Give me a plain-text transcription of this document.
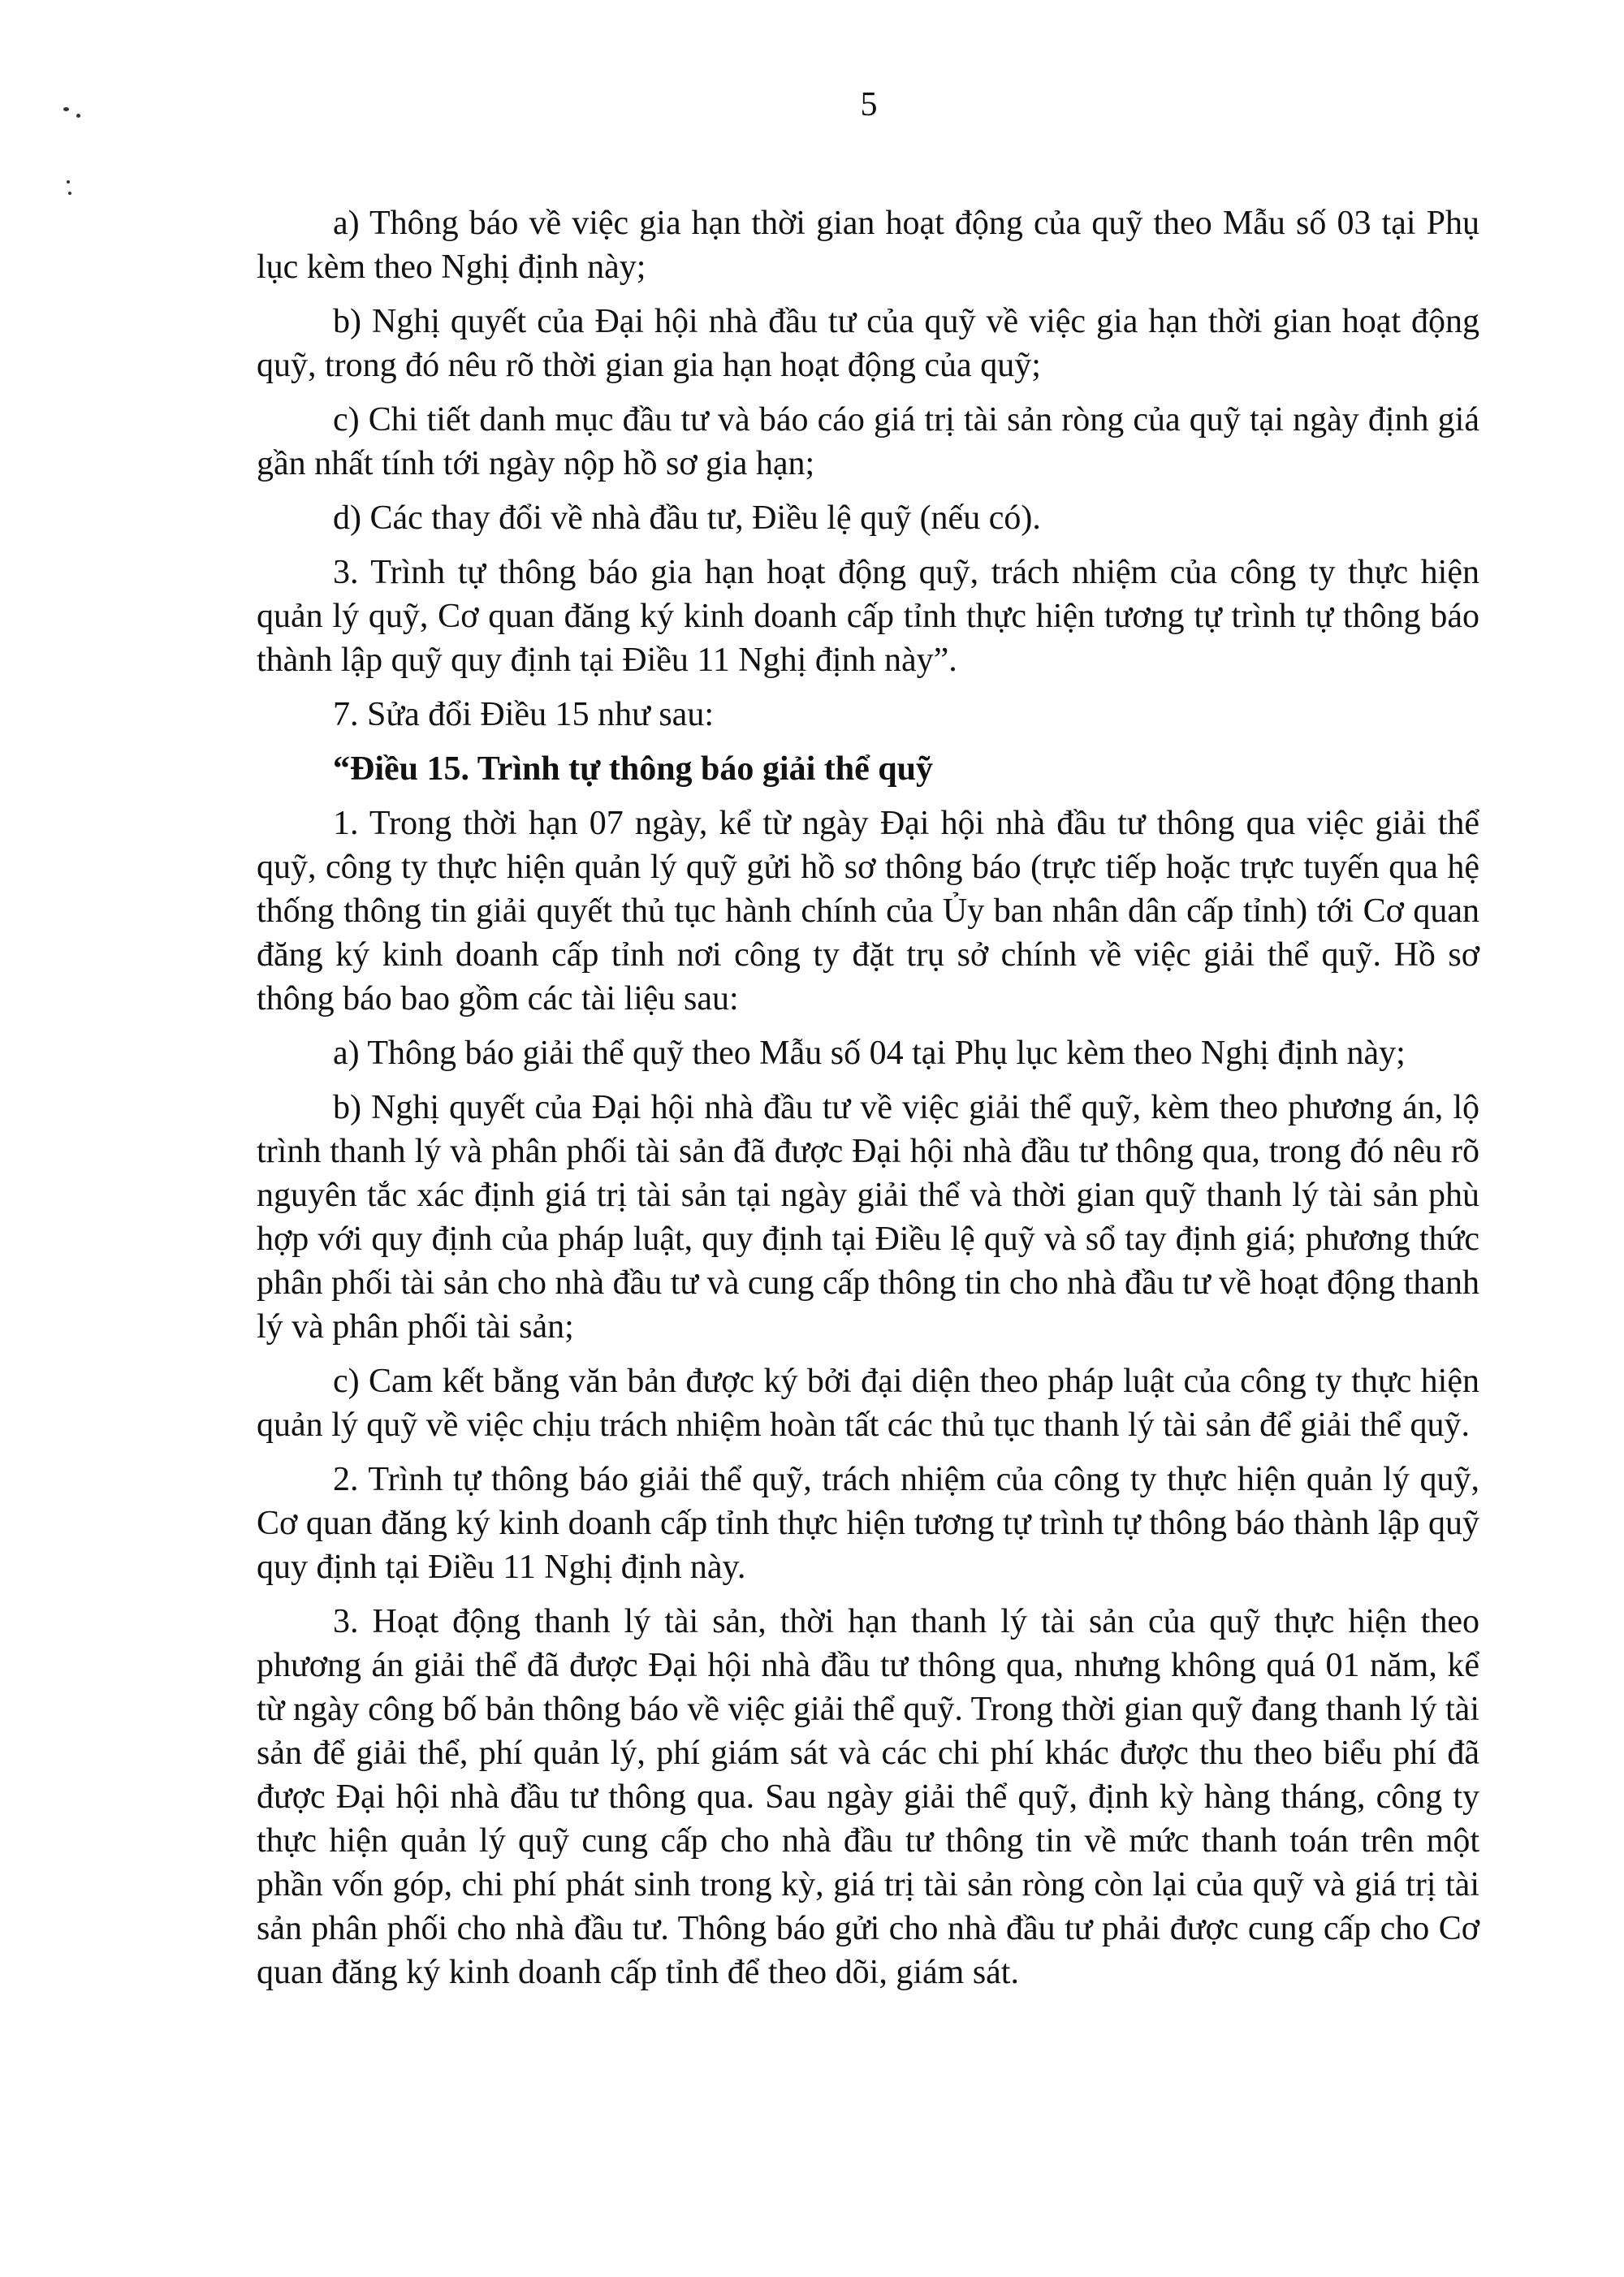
5

a) Thông báo về việc gia hạn thời gian hoạt động của quỹ theo Mẫu số 03 tại Phụ lục kèm theo Nghị định này;

b) Nghị quyết của Đại hội nhà đầu tư của quỹ về việc gia hạn thời gian hoạt động quỹ, trong đó nêu rõ thời gian gia hạn hoạt động của quỹ;

c) Chi tiết danh mục đầu tư và báo cáo giá trị tài sản ròng của quỹ tại ngày định giá gần nhất tính tới ngày nộp hồ sơ gia hạn;

d) Các thay đổi về nhà đầu tư, Điều lệ quỹ (nếu có).

3. Trình tự thông báo gia hạn hoạt động quỹ, trách nhiệm của công ty thực hiện quản lý quỹ, Cơ quan đăng ký kinh doanh cấp tỉnh thực hiện tương tự trình tự thông báo thành lập quỹ quy định tại Điều 11 Nghị định này”.

7. Sửa đổi Điều 15 như sau:

“Điều 15. Trình tự thông báo giải thể quỹ

1. Trong thời hạn 07 ngày, kể từ ngày Đại hội nhà đầu tư thông qua việc giải thể quỹ, công ty thực hiện quản lý quỹ gửi hồ sơ thông báo (trực tiếp hoặc trực tuyến qua hệ thống thông tin giải quyết thủ tục hành chính của Ủy ban nhân dân cấp tỉnh) tới Cơ quan đăng ký kinh doanh cấp tỉnh nơi công ty đặt trụ sở chính về việc giải thể quỹ. Hồ sơ thông báo bao gồm các tài liệu sau:

a) Thông báo giải thể quỹ theo Mẫu số 04 tại Phụ lục kèm theo Nghị định này;

b) Nghị quyết của Đại hội nhà đầu tư về việc giải thể quỹ, kèm theo phương án, lộ trình thanh lý và phân phối tài sản đã được Đại hội nhà đầu tư thông qua, trong đó nêu rõ nguyên tắc xác định giá trị tài sản tại ngày giải thể và thời gian quỹ thanh lý tài sản phù hợp với quy định của pháp luật, quy định tại Điều lệ quỹ và sổ tay định giá; phương thức phân phối tài sản cho nhà đầu tư và cung cấp thông tin cho nhà đầu tư về hoạt động thanh lý và phân phối tài sản;

c) Cam kết bằng văn bản được ký bởi đại diện theo pháp luật của công ty thực hiện quản lý quỹ về việc chịu trách nhiệm hoàn tất các thủ tục thanh lý tài sản để giải thể quỹ.

2. Trình tự thông báo giải thể quỹ, trách nhiệm của công ty thực hiện quản lý quỹ, Cơ quan đăng ký kinh doanh cấp tỉnh thực hiện tương tự trình tự thông báo thành lập quỹ quy định tại Điều 11 Nghị định này.

3. Hoạt động thanh lý tài sản, thời hạn thanh lý tài sản của quỹ thực hiện theo phương án giải thể đã được Đại hội nhà đầu tư thông qua, nhưng không quá 01 năm, kể từ ngày công bố bản thông báo về việc giải thể quỹ. Trong thời gian quỹ đang thanh lý tài sản để giải thể, phí quản lý, phí giám sát và các chi phí khác được thu theo biểu phí đã được Đại hội nhà đầu tư thông qua. Sau ngày giải thể quỹ, định kỳ hàng tháng, công ty thực hiện quản lý quỹ cung cấp cho nhà đầu tư thông tin về mức thanh toán trên một phần vốn góp, chi phí phát sinh trong kỳ, giá trị tài sản ròng còn lại của quỹ và giá trị tài sản phân phối cho nhà đầu tư. Thông báo gửi cho nhà đầu tư phải được cung cấp cho Cơ quan đăng ký kinh doanh cấp tỉnh để theo dõi, giám sát.
